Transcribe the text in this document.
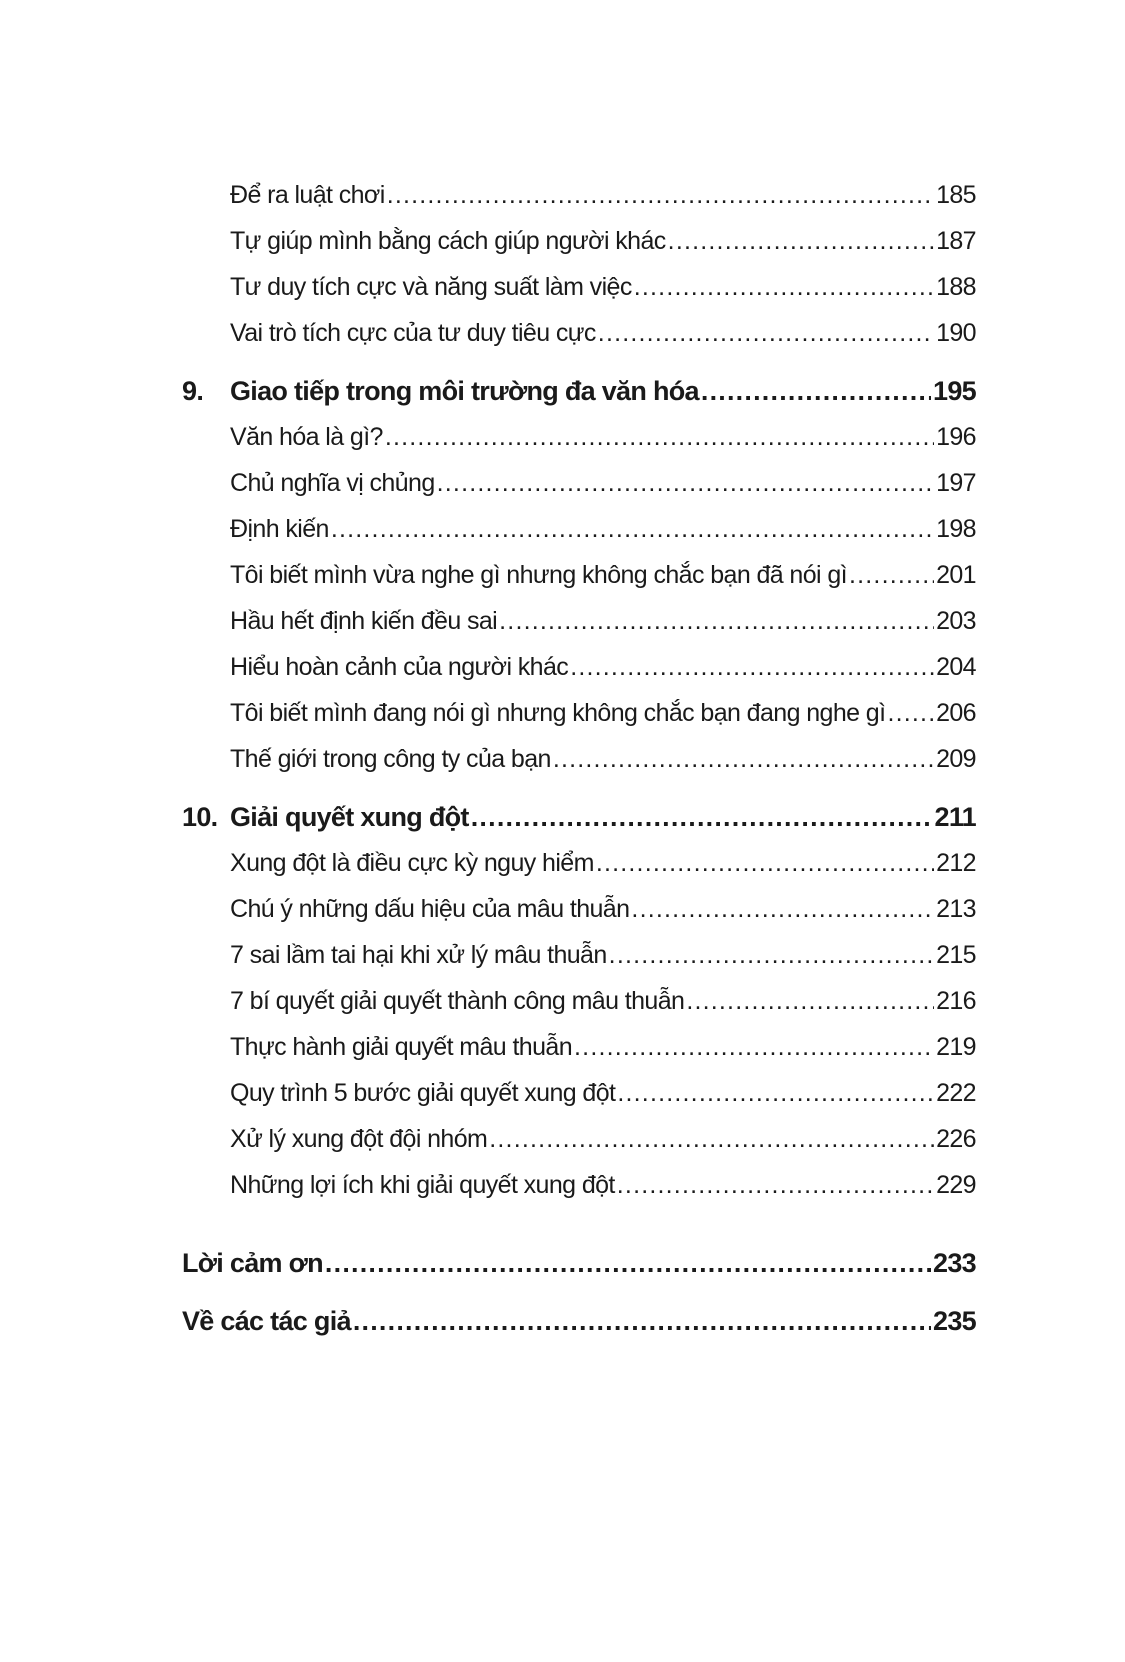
Để ra luật chơi .....	185
Tự giúp mình bằng cách giúp người khác .....	187
Tư duy tích cực và năng suất làm việc .....	188
Vai trò tích cực của tư duy tiêu cực .....	190
9. Giao tiếp trong môi trường đa văn hóa .....	195
Văn hóa là gì? .....	196
Chủ nghĩa vị chủng .....	197
Định kiến .....	198
Tôi biết mình vừa nghe gì nhưng không chắc bạn đã nói gì .....	201
Hầu hết định kiến đều sai .....	203
Hiểu hoàn cảnh của người khác .....	204
Tôi biết mình đang nói gì nhưng không chắc bạn đang nghe gì ..... 206
Thế giới trong công ty của bạn .....	209
10. Giải quyết xung đột .....	211
Xung đột là điều cực kỳ nguy hiểm .....	212
Chú ý những dấu hiệu của mâu thuẫn .....	213
7 sai lầm tai hại khi xử lý mâu thuẫn .....	215
7 bí quyết giải quyết thành công mâu thuẫn .....	216
Thực hành giải quyết mâu thuẫn .....	219
Quy trình 5 bước giải quyết xung đột .....	222
Xử lý xung đột đội nhóm .....	226
Những lợi ích khi giải quyết xung đột .....	229
Lời cảm ơn .....	233
Về các tác giả .....	235
